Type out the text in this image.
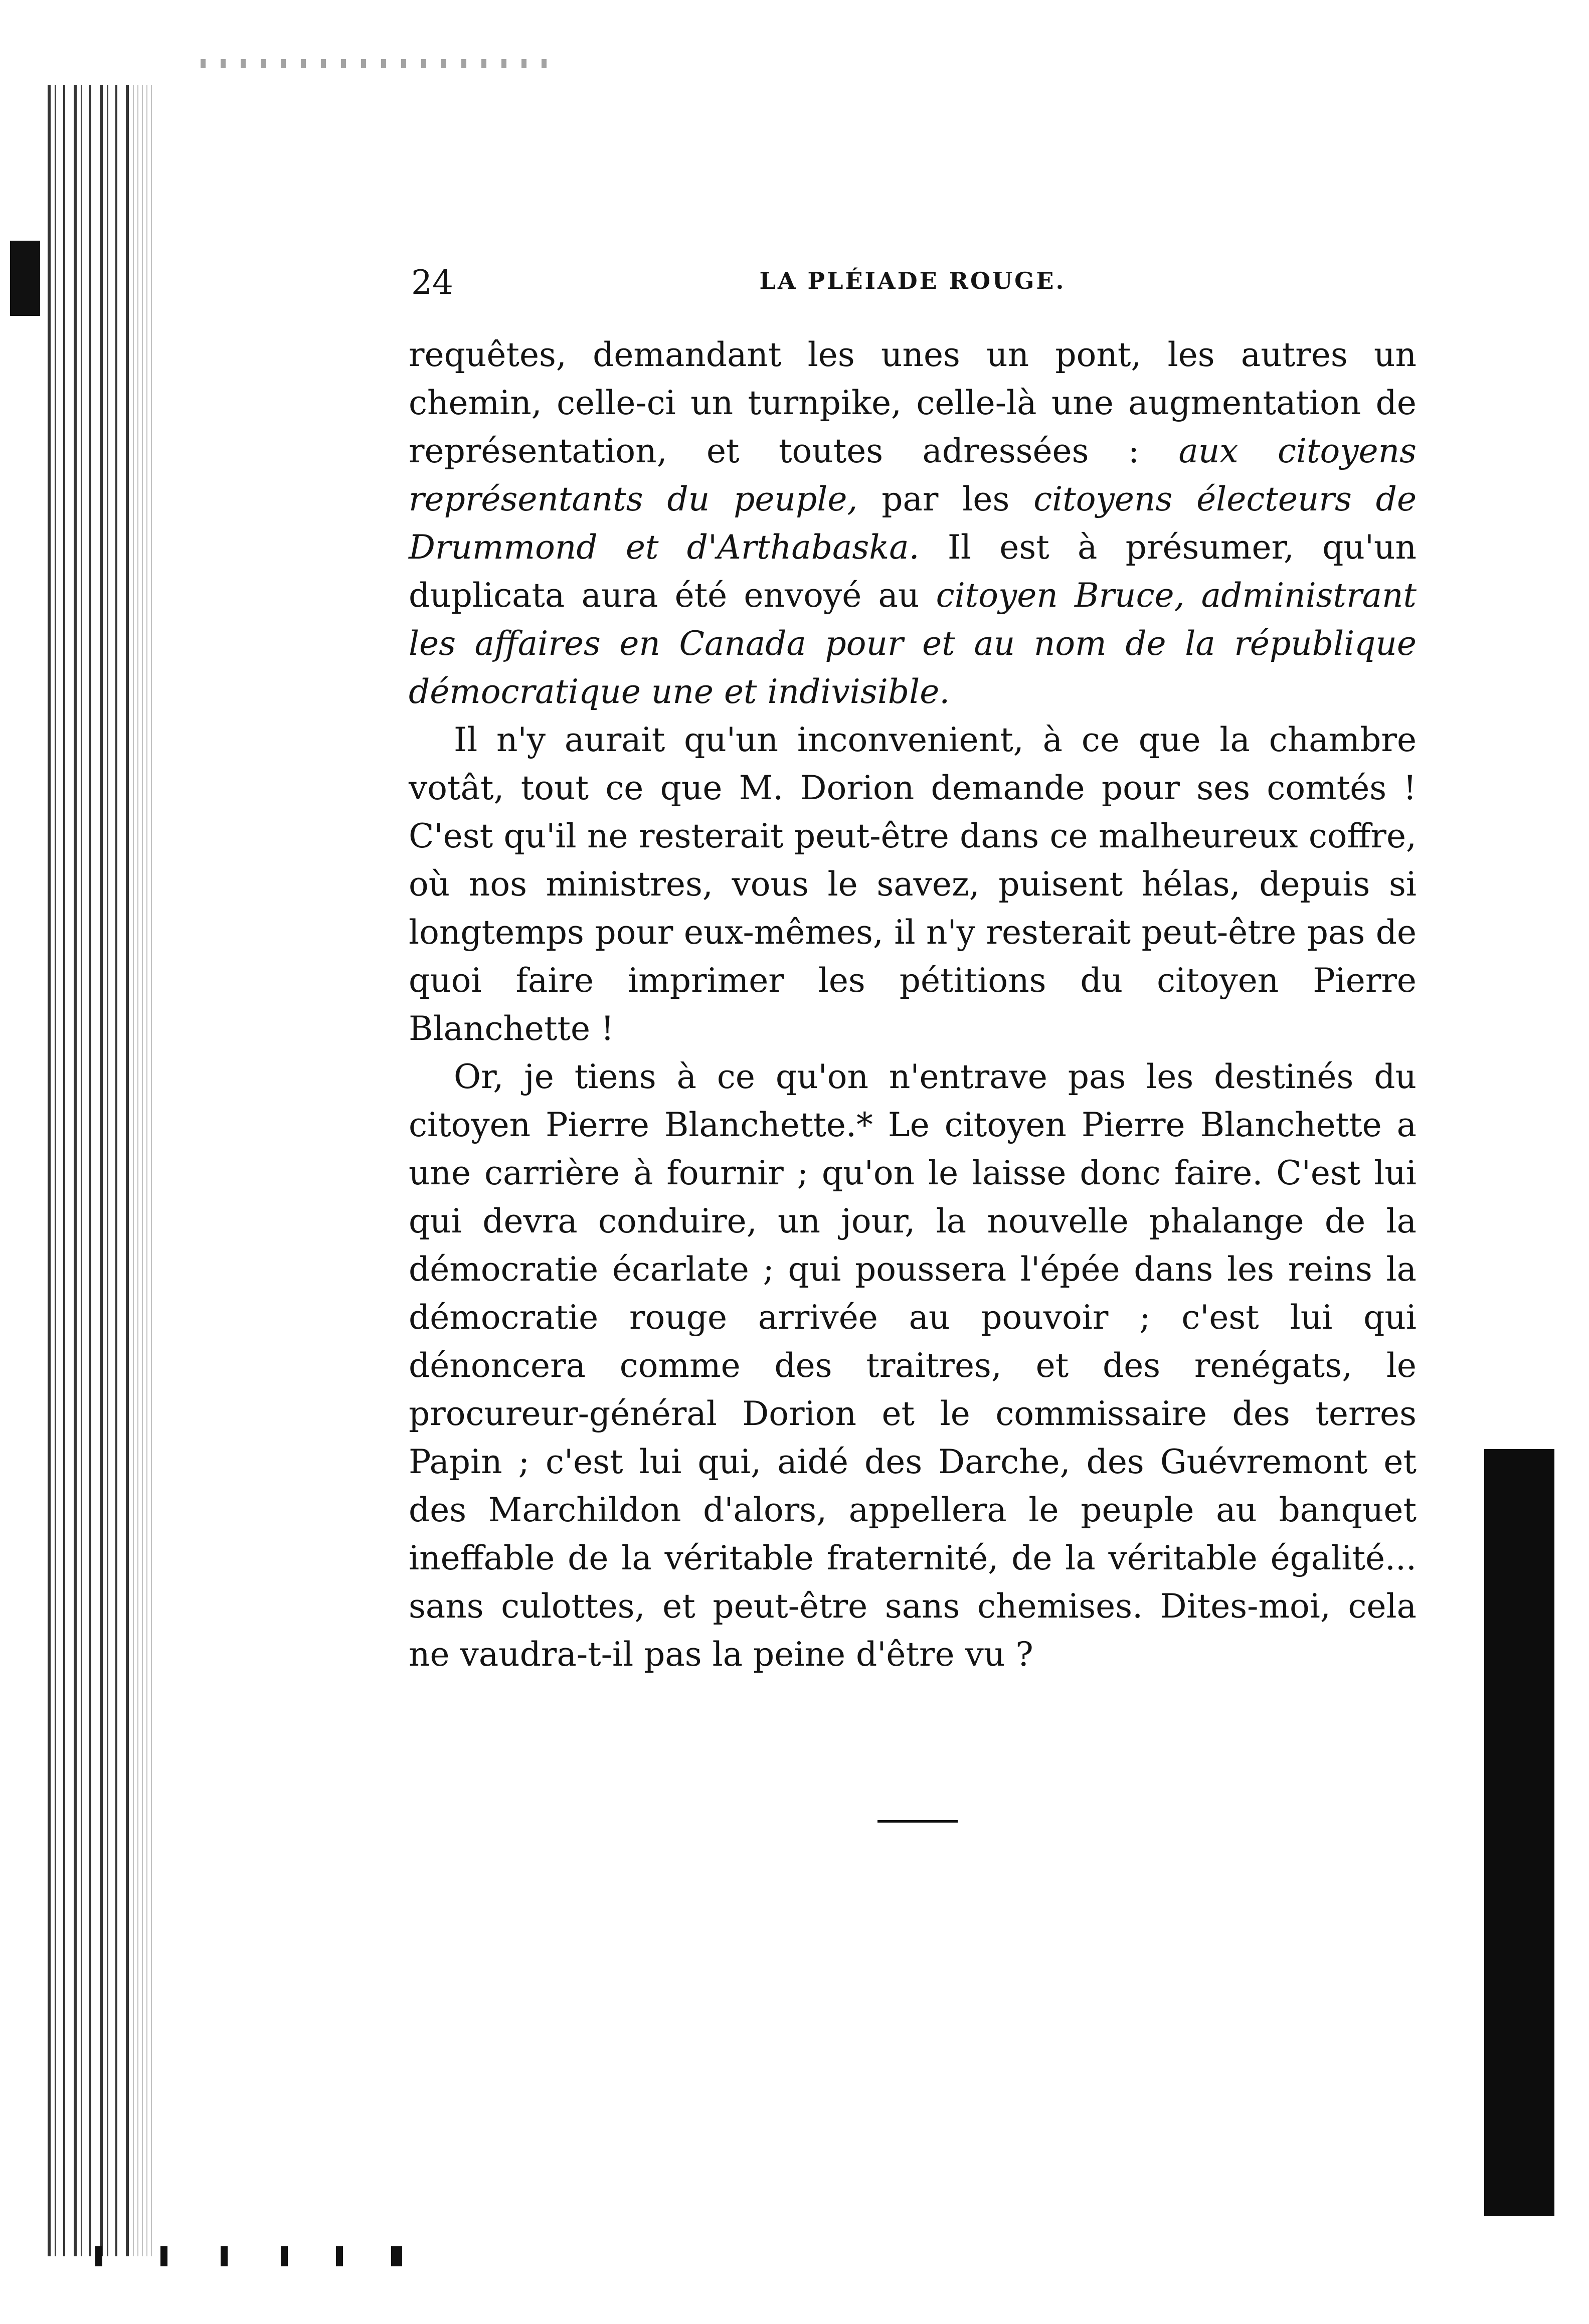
24	LA PLÉIADE ROUGE.

requêtes, demandant les unes un pont, les autres un chemin, celle-ci un turnpike, celle-là une augmentation de représentation, et toutes adressées : aux citoyens représentants du peuple, par les citoyens électeurs de Drummond et d'Arthabaska. Il est à présumer, qu'un duplicata aura été envoyé au citoyen Bruce, administrant les affaires en Canada pour et au nom de la république démocratique une et indivisible.

Il n'y aurait qu'un inconvenient, à ce que la chambre votât, tout ce que M. Dorion demande pour ses comtés ! C'est qu'il ne resterait peut-être dans ce malheureux coffre, où nos ministres, vous le savez, puisent hélas, depuis si longtemps pour eux-mêmes, il n'y resterait peut-être pas de quoi faire imprimer les pétitions du citoyen Pierre Blanchette !

Or, je tiens à ce qu'on n'entrave pas les destinés du citoyen Pierre Blanchette.* Le citoyen Pierre Blanchette a une carrière à fournir ; qu'on le laisse donc faire. C'est lui qui devra conduire, un jour, la nouvelle phalange de la démocratie écarlate ; qui poussera l'épée dans les reins la démocratie rouge arrivée au pouvoir ; c'est lui qui dénoncera comme des traitres, et des renégats, le procureur-général Dorion et le commissaire des terres Papin ; c'est lui qui, aidé des Darche, des Guévremont et des Marchildon d'alors, appellera le peuple au banquet ineffable de la véritable fraternité, de la véritable égalité... sans culottes, et peut-être sans chemises. Dites-moi, cela ne vaudra-t-il pas la peine d'être vu ?
